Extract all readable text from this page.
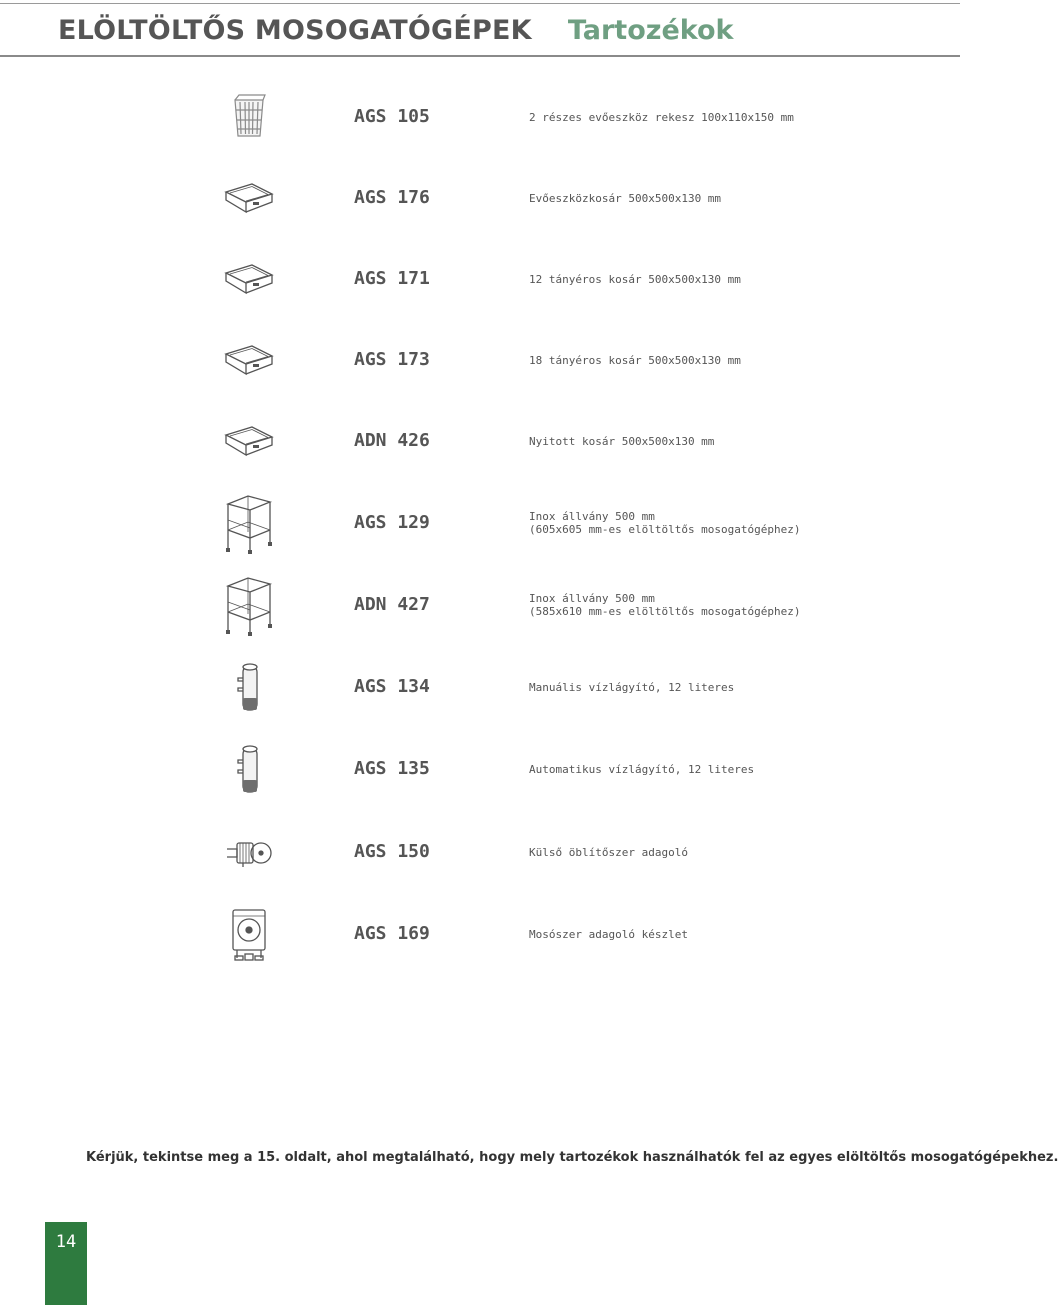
ELÖLTÖLTŐS MOSOGATÓGÉPEK Tartozékok
AGS 105	2 részes evőeszköz rekesz 100x110x150 mm
AGS 176	Evőeszközkosár 500x500x130 mm
AGS 171	12 tányéros kosár 500x500x130 mm
AGS 173	18 tányéros kosár 500x500x130 mm
ADN 426	Nyitott kosár 500x500x130 mm
AGS 129	Inox állvány 500 mm
(605x605 mm-es elöltöltős mosogatógéphez)
ADN 427	Inox állvány 500 mm
(585x610 mm-es elöltöltős mosogatógéphez)
AGS 134	Manuális vízlágyító, 12 literes
AGS 135	Automatikus vízlágyító, 12 literes
AGS 150	Külső öblítőszer adagoló
AGS 169	Mosószer adagoló készlet
Kérjük, tekintse meg a 15. oldalt, ahol megtalálható, hogy mely tartozékok használhatók fel az egyes elöltöltős mosogatógépekhez.
14
